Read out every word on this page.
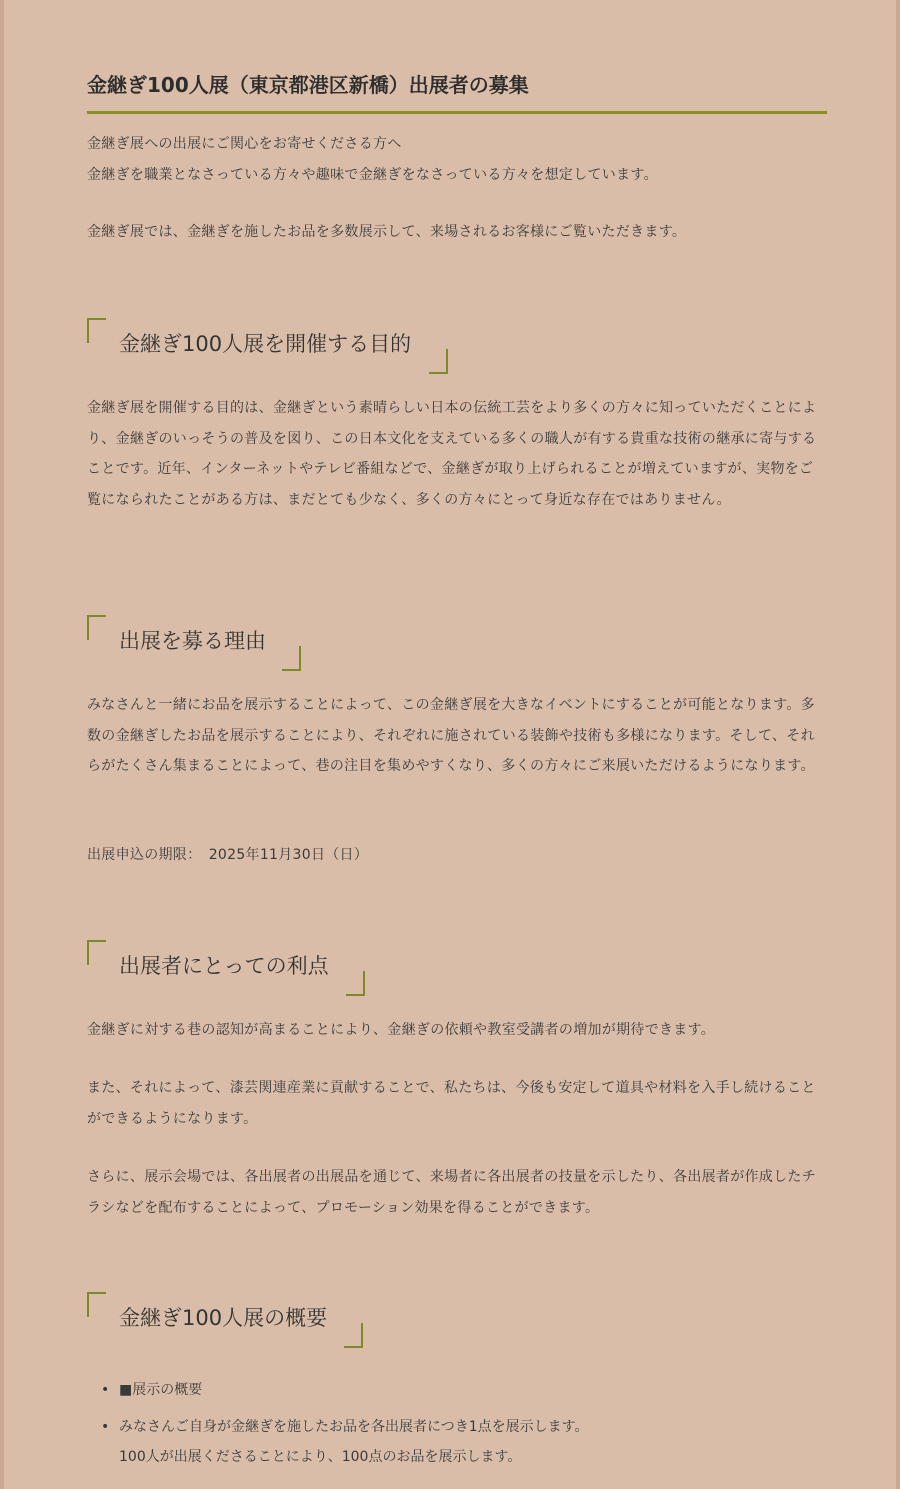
金継ぎ100人展（東京都港区新橋）出展者の募集

金継ぎ展への出展にご関心をお寄せくださる方へ

金継ぎを職業となさっている方々や趣味で金継ぎをなさっている方々を想定しています。

金継ぎ展では、金継ぎを施したお品を多数展示して、来場されるお客様にご覧いただきます。

金継ぎ100人展を開催する目的

金継ぎ展を開催する目的は、金継ぎという素晴らしい日本の伝統工芸をより多くの方々に知っていただくことにより、金継ぎのいっそうの普及を図り、この日本文化を支えている多くの職人が有する貴重な技術の継承に寄与することです。近年、インターネットやテレビ番組などで、金継ぎが取り上げられることが増えていますが、実物をご覧になられたことがある方は、まだとても少なく、多くの方々にとって身近な存在ではありません。

出展を募る理由

みなさんと一緒にお品を展示することによって、この金継ぎ展を大きなイベントにすることが可能となります。多数の金継ぎしたお品を展示することにより、それぞれに施されている装飾や技術も多様になります。そして、それらがたくさん集まることによって、巷の注目を集めやすくなり、多くの方々にご来展いただけるようになります。

出展申込の期限：　2025年11月30日（日）

出展者にとっての利点

金継ぎに対する巷の認知が高まることにより、金継ぎの依頼や教室受講者の増加が期待できます。

また、それによって、漆芸関連産業に貢献することで、私たちは、今後も安定して道具や材料を入手し続けることができるようになります。

さらに、展示会場では、各出展者の出展品を通じて、来場者に各出展者の技量を示したり、各出展者が作成したチラシなどを配布することによって、プロモーション効果を得ることができます。

金継ぎ100人展の概要
• ■展示の概要
• みなさんご自身が金継ぎを施したお品を各出展者につき1点を展示します。
100人が出展くださることにより、100点のお品を展示します。
